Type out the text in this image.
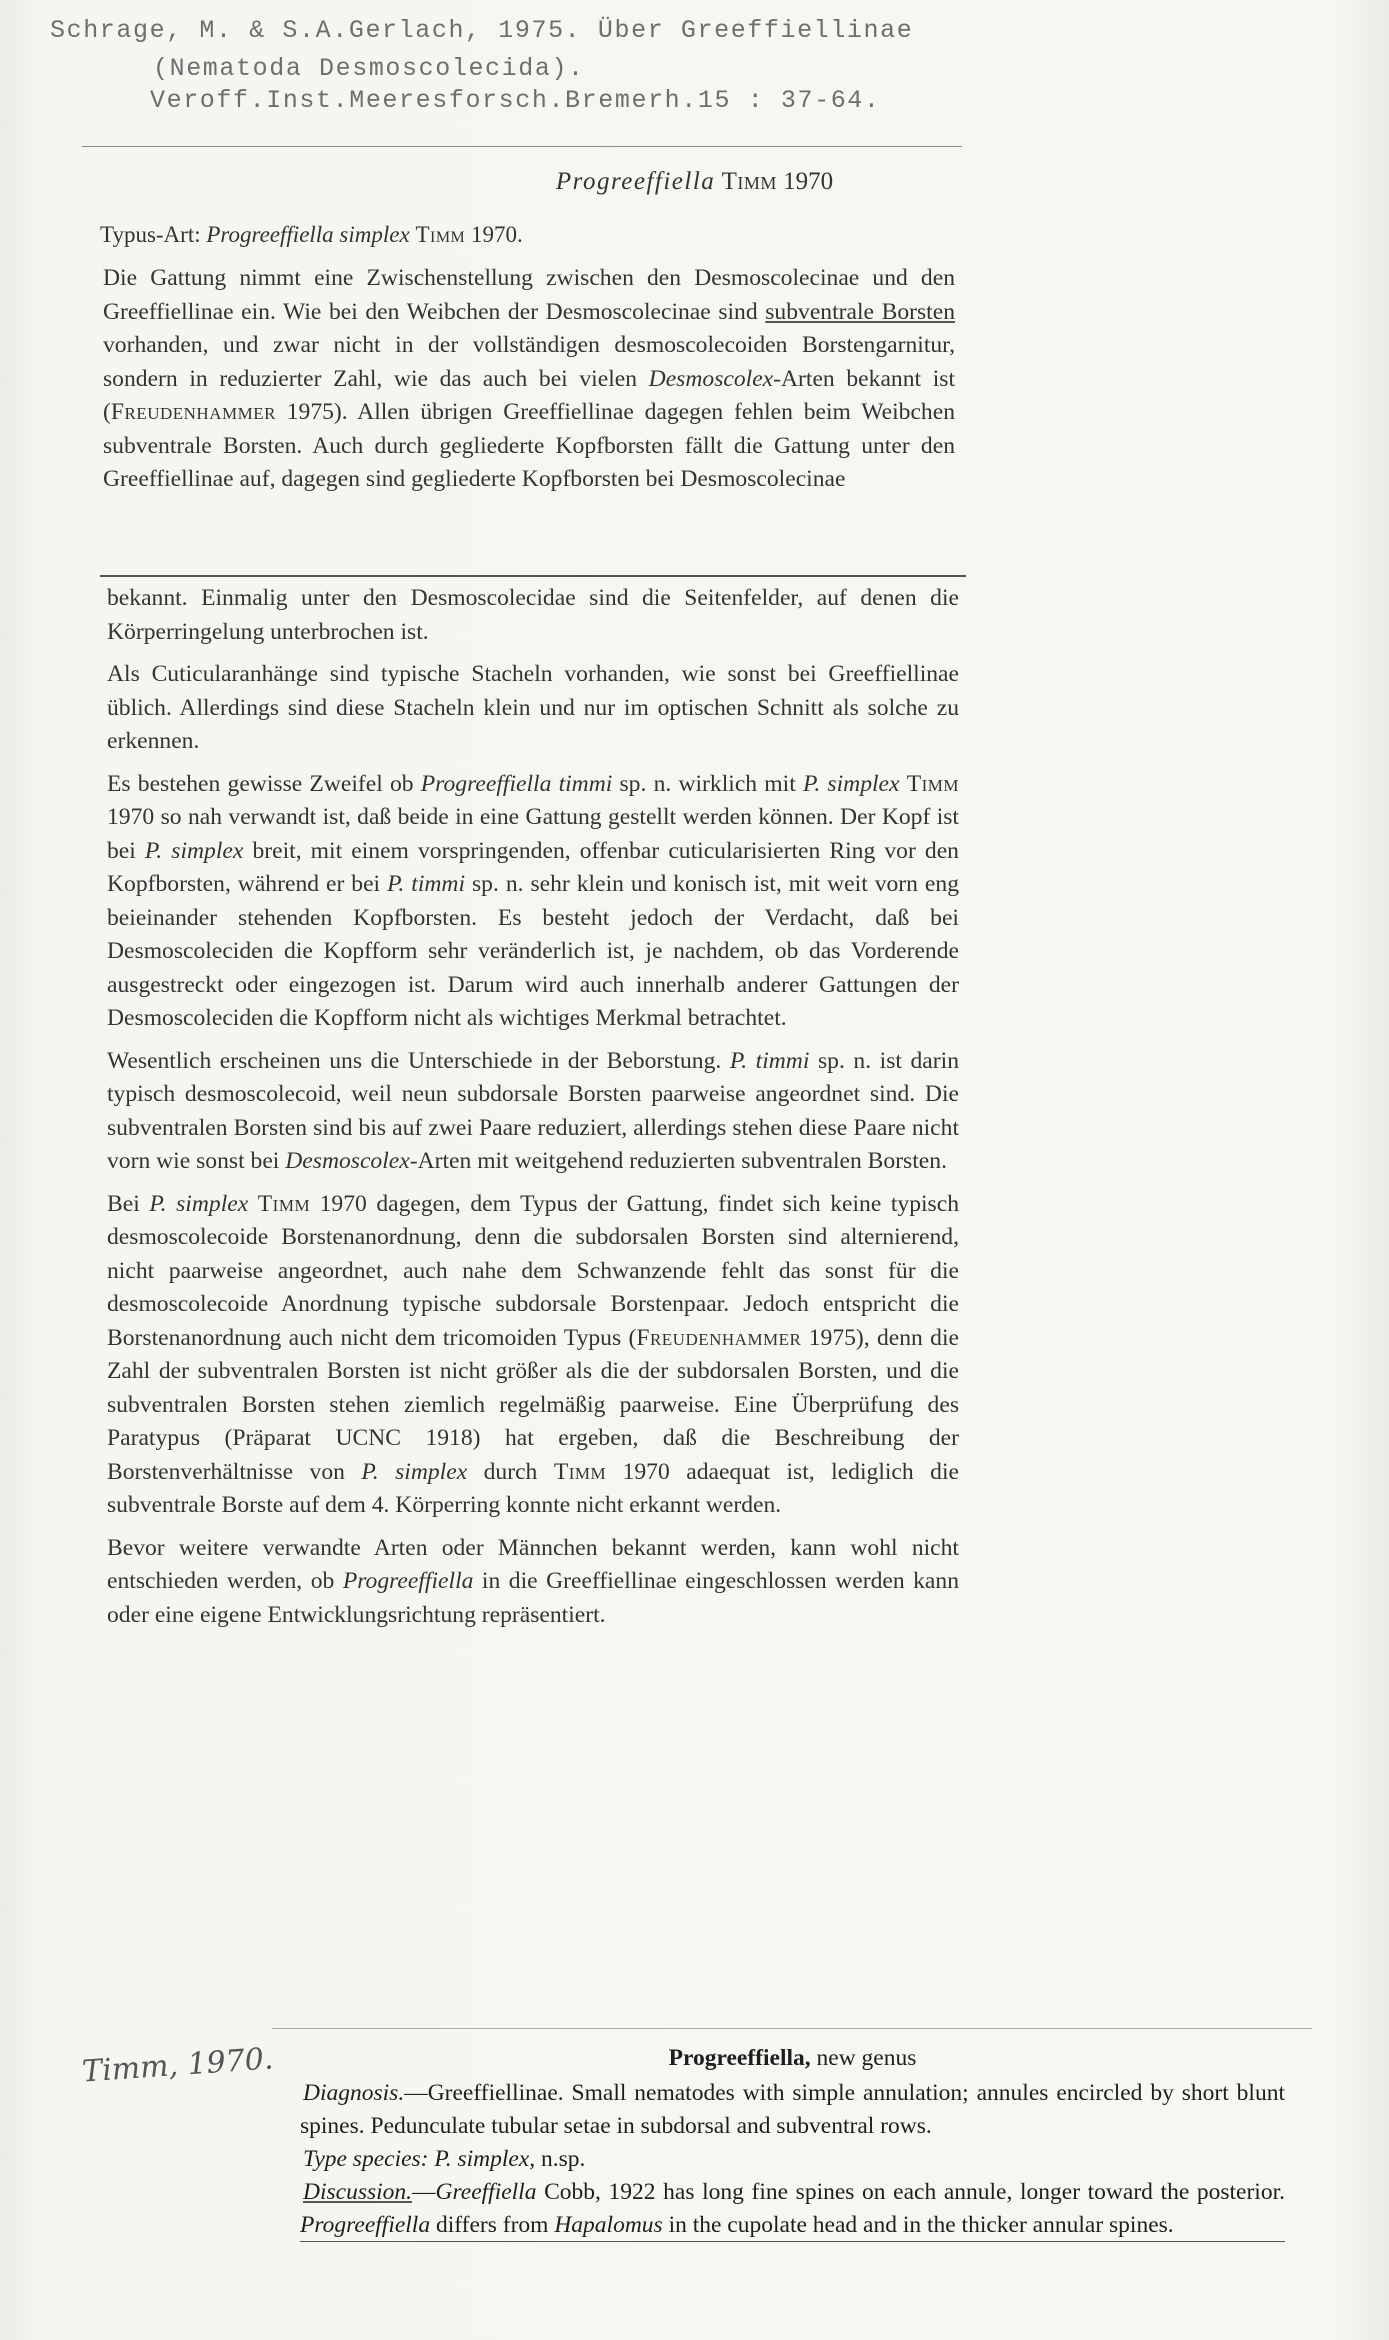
Schrage, M. & S.A.Gerlach, 1975. Über Greeffiellinae
(Nematoda Desmoscolecida).
Veroff.Inst.Meeresforsch.Bremerh.15 : 37-64.
Progreeffiella Timm 1970
Typus-Art: Progreeffiella simplex Timm 1970.
Die Gattung nimmt eine Zwischenstellung zwischen den Desmoscolecinae und den Greeffiellinae ein. Wie bei den Weibchen der Desmoscolecinae sind subventrale Borsten vorhanden, und zwar nicht in der vollständigen desmoscolecoiden Borstengarnitur, sondern in reduzierter Zahl, wie das auch bei vielen Desmoscolex-Arten bekannt ist (Freudenhammer 1975). Allen übrigen Greeffiellinae dagegen fehlen beim Weibchen subventrale Borsten. Auch durch gegliederte Kopfborsten fällt die Gattung unter den Greeffiellinae auf, dagegen sind gegliederte Kopfborsten bei Desmoscolecinae

bekannt. Einmalig unter den Desmoscolecidae sind die Seitenfelder, auf denen die Körperringelung unterbrochen ist.

Als Cuticularanhänge sind typische Stacheln vorhanden, wie sonst bei Greeffiellinae üblich. Allerdings sind diese Stacheln klein und nur im optischen Schnitt als solche zu erkennen.

Es bestehen gewisse Zweifel ob Progreeffiella timmi sp. n. wirklich mit P. simplex Timm 1970 so nah verwandt ist, daß beide in eine Gattung gestellt werden können. Der Kopf ist bei P. simplex breit, mit einem vorspringenden, offenbar cuticularisierten Ring vor den Kopfborsten, während er bei P. timmi sp. n. sehr klein und konisch ist, mit weit vorn eng beieinander stehenden Kopfborsten. Es besteht jedoch der Verdacht, daß bei Desmoscoleciden die Kopfform sehr veränderlich ist, je nachdem, ob das Vorderende ausgestreckt oder eingezogen ist. Darum wird auch innerhalb anderer Gattungen der Desmoscoleciden die Kopfform nicht als wichtiges Merkmal betrachtet.

Wesentlich erscheinen uns die Unterschiede in der Beborstung. P. timmi sp. n. ist darin typisch desmoscolecoid, weil neun subdorsale Borsten paarweise angeordnet sind. Die subventralen Borsten sind bis auf zwei Paare reduziert, allerdings stehen diese Paare nicht vorn wie sonst bei Desmoscolex-Arten mit weitgehend reduzierten subventralen Borsten.

Bei P. simplex Timm 1970 dagegen, dem Typus der Gattung, findet sich keine typisch desmoscolecoide Borstenanordnung, denn die subdorsalen Borsten sind alternierend, nicht paarweise angeordnet, auch nahe dem Schwanzende fehlt das sonst für die desmoscolecoide Anordnung typische subdorsale Borstenpaar. Jedoch entspricht die Borstenanordnung auch nicht dem tricomoiden Typus (Freudenhammer 1975), denn die Zahl der subventralen Borsten ist nicht größer als die der subdorsalen Borsten, und die subventralen Borsten stehen ziemlich regelmäßig paarweise. Eine Überprüfung des Paratypus (Präparat UCNC 1918) hat ergeben, daß die Beschreibung der Borstenverhältnisse von P. simplex durch Timm 1970 adaequat ist, lediglich die subventrale Borste auf dem 4. Körperring konnte nicht erkannt werden.

Bevor weitere verwandte Arten oder Männchen bekannt werden, kann wohl nicht entschieden werden, ob Progreeffiella in die Greeffiellinae eingeschlossen werden kann oder eine eigene Entwicklungsrichtung repräsentiert.

Timm, 1970.	Progreeffiella, new genus

Diagnosis.—Greeffiellinae. Small nematodes with simple annulation; annules encircled by short blunt spines. Pedunculate tubular setae in subdorsal and subventral rows.

Type species: P. simplex, n.sp.

Discussion.—Greeffiella Cobb, 1922 has long fine spines on each annule, longer toward the posterior. Progreeffiella differs from Hapalomus in the cupolate head and in the thicker annular spines.
